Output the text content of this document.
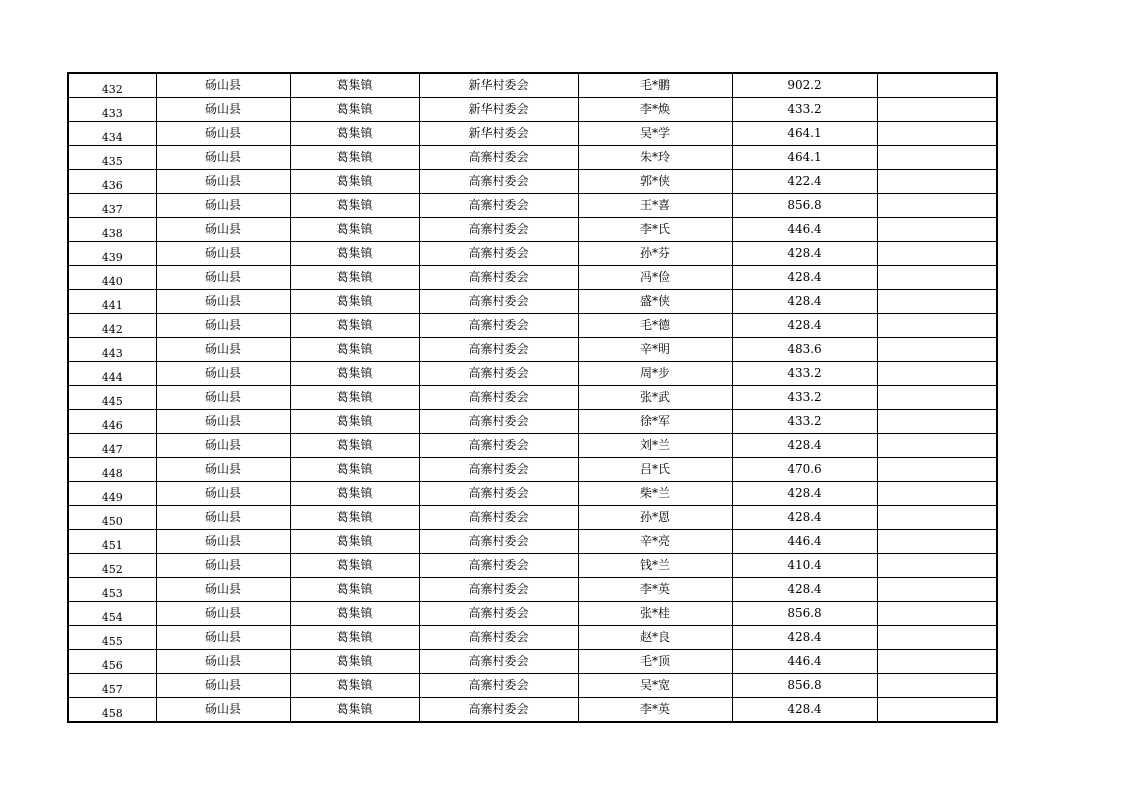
432	砀山县	葛集镇	新华村委会	毛*鹏	902.2	
433	砀山县	葛集镇	新华村委会	李*焕	433.2	
434	砀山县	葛集镇	新华村委会	吴*学	464.1	
435	砀山县	葛集镇	高寨村委会	朱*玲	464.1	
436	砀山县	葛集镇	高寨村委会	郭*侠	422.4	
437	砀山县	葛集镇	高寨村委会	王*喜	856.8	
438	砀山县	葛集镇	高寨村委会	李*氏	446.4	
439	砀山县	葛集镇	高寨村委会	孙*芬	428.4	
440	砀山县	葛集镇	高寨村委会	冯*俭	428.4	
441	砀山县	葛集镇	高寨村委会	盛*侠	428.4	
442	砀山县	葛集镇	高寨村委会	毛*德	428.4	
443	砀山县	葛集镇	高寨村委会	辛*明	483.6	
444	砀山县	葛集镇	高寨村委会	周*步	433.2	
445	砀山县	葛集镇	高寨村委会	张*武	433.2	
446	砀山县	葛集镇	高寨村委会	徐*军	433.2	
447	砀山县	葛集镇	高寨村委会	刘*兰	428.4	
448	砀山县	葛集镇	高寨村委会	吕*氏	470.6	
449	砀山县	葛集镇	高寨村委会	柴*兰	428.4	
450	砀山县	葛集镇	高寨村委会	孙*恩	428.4	
451	砀山县	葛集镇	高寨村委会	辛*亮	446.4	
452	砀山县	葛集镇	高寨村委会	钱*兰	410.4	
453	砀山县	葛集镇	高寨村委会	李*英	428.4	
454	砀山县	葛集镇	高寨村委会	张*桂	856.8	
455	砀山县	葛集镇	高寨村委会	赵*良	428.4	
456	砀山县	葛集镇	高寨村委会	毛*顶	446.4	
457	砀山县	葛集镇	高寨村委会	吴*宽	856.8	
458	砀山县	葛集镇	高寨村委会	李*英	428.4	
